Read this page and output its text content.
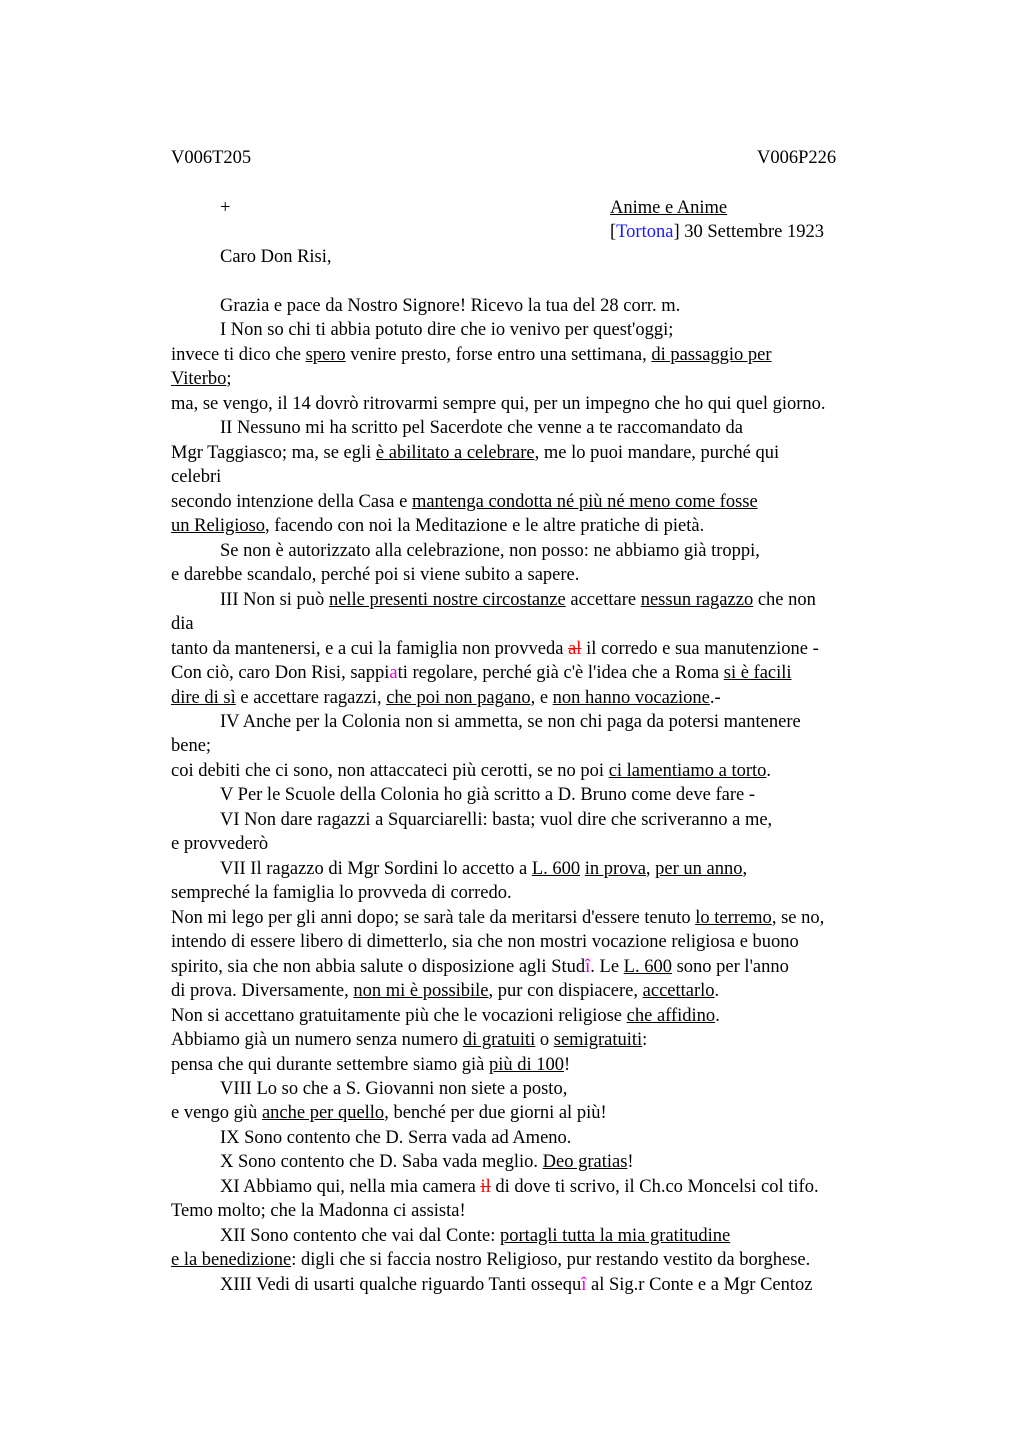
V006T205	V006P226
+	Anime e Anime
[Tortona] 30 Settembre 1923
Caro Don Risi,
Grazia e pace da Nostro Signore! Ricevo la tua del 28 corr. m.
I Non so chi ti abbia potuto dire che io venivo per quest'oggi;
invece ti dico che spero venire presto, forse entro una settimana, di passaggio per
Viterbo;
ma, se vengo, il 14 dovrò ritrovarmi sempre qui, per un impegno che ho qui quel giorno.
II Nessuno mi ha scritto pel Sacerdote che venne a te raccomandato da
Mgr Taggiasco; ma, se egli è abilitato a celebrare, me lo puoi mandare, purché qui
celebri
secondo intenzione della Casa e mantenga condotta né più né meno come fosse
un Religioso, facendo con noi la Meditazione e le altre pratiche di pietà.
Se non è autorizzato alla celebrazione, non posso: ne abbiamo già troppi,
e darebbe scandalo, perché poi si viene subito a sapere.
III Non si può nelle presenti nostre circostanze accettare nessun ragazzo che non
dia
tanto da mantenersi, e a cui la famiglia non provveda al il corredo e sua manutenzione -
Con ciò, caro Don Risi, sappiati regolare, perché già c'è l'idea che a Roma si è facili
dire di sì e accettare ragazzi, che poi non pagano, e non hanno vocazione.-
IV Anche per la Colonia non si ammetta, se non chi paga da potersi mantenere
bene;
coi debiti che ci sono, non attaccateci più cerotti, se no poi ci lamentiamo a torto.
V Per le Scuole della Colonia ho già scritto a D. Bruno come deve fare -
VI Non dare ragazzi a Squarciarelli: basta; vuol dire che scriveranno a me,
e provvederò
VII Il ragazzo di Mgr Sordini lo accetto a L. 600 in prova, per un anno,
sempreché la famiglia lo provveda di corredo.
Non mi lego per gli anni dopo; se sarà tale da meritarsi d'essere tenuto lo terremo, se no,
intendo di essere libero di dimetterlo, sia che non mostri vocazione religiosa e buono
spirito, sia che non abbia salute o disposizione agli Studî. Le L. 600 sono per l'anno
di prova. Diversamente, non mi è possibile, pur con dispiacere, accettarlo.
Non si accettano gratuitamente più che le vocazioni religiose che affidino.
Abbiamo già un numero senza numero di gratuiti o semigratuiti:
pensa che qui durante settembre siamo già più di 100!
VIII Lo so che a S. Giovanni non siete a posto,
e vengo giù anche per quello, benché per due giorni al più!
IX Sono contento che D. Serra vada ad Ameno.
X Sono contento che D. Saba vada meglio. Deo gratias!
XI Abbiamo qui, nella mia camera il di dove ti scrivo, il Ch.co Moncelsi col tifo.
Temo molto; che la Madonna ci assista!
XII Sono contento che vai dal Conte: portagli tutta la mia gratitudine
e la benedizione: digli che si faccia nostro Religioso, pur restando vestito da borghese.
XIII Vedi di usarti qualche riguardo Tanti ossequî al Sig.r Conte e a Mgr Centoz
